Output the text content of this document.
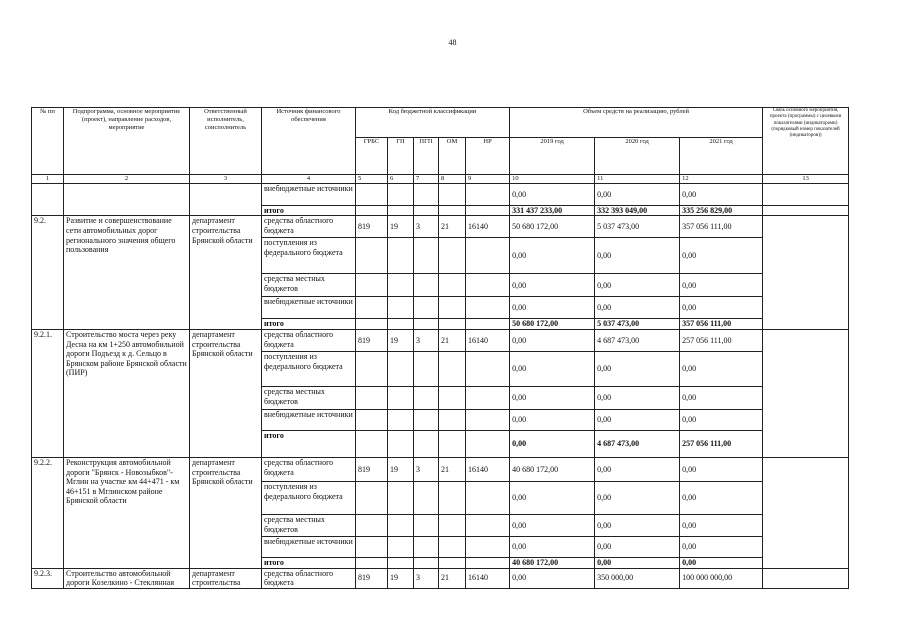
48
№ пп	Подпрограмма, основное мероприятие (проект), направление расходов, мероприятие	Ответственный исполнитель, соисполнитель	Источник финансового обеспечения	Код бюджетной классификации					Объем средств на реализацию, рублей			Связь основного мероприятия, проекта (программы) с целевыми показателями (индикаторами) (порядковый номер показателей (индикаторов))
				ГРБС	ГП	ПГП	ОМ	НР	2019 год	2020 год	2021 год	
1	2	3	4	5	6	7	8	9	10	11	12	13
			внебюджетные источники						0,00	0,00	0,00	
			итого						331 437 233,00	332 393 049,00	335 256 829,00	
9.2.	Развитие и совершенствование сети автомобильных дорог регионального значения общего пользования	департамент строительства Брянской области	средства областного бюджета	819	19	3	21	16140	50 680 172,00	5 037 473,00	357 056 111,00	
			поступления из федерального бюджета						0,00	0,00	0,00	
			средства местных бюджетов						0,00	0,00	0,00	
			внебюджетные источники						0,00	0,00	0,00	
			итого						50 680 172,00	5 037 473,00	357 056 111,00	
9.2.1.	Строительство моста через реку Десна на км 1+250 автомобильной дороги Подъезд к д. Сельцо в Брянском районе Брянской области (ПИР)	департамент строительства Брянской области	средства областного бюджета	819	19	3	21	16140	0,00	4 687 473,00	257 056 111,00	
			поступления из федерального бюджета						0,00	0,00	0,00	
			средства местных бюджетов						0,00	0,00	0,00	
			внебюджетные источники						0,00	0,00	0,00	
			итого						0,00	4 687 473,00	257 056 111,00	
9.2.2.	Реконструкция автомобильной дороги "Брянск - Новозыбков"- Мглин на участке км 44+471 - км 46+151 в Мглинском районе Брянской области	департамент строительства Брянской области	средства областного бюджета	819	19	3	21	16140	40 680 172,00	0,00	0,00	
			поступления из федерального бюджета						0,00	0,00	0,00	
			средства местных бюджетов						0,00	0,00	0,00	
			внебюджетные источники						0,00	0,00	0,00	
			итого						40 680 172,00	0,00	0,00	
9.2.3.	Строительство автомобильной дороги Козелкино - Стеклянная	департамент строительства	средства областного бюджета	819	19	3	21	16140	0,00	350 000,00	100 000 000,00	
